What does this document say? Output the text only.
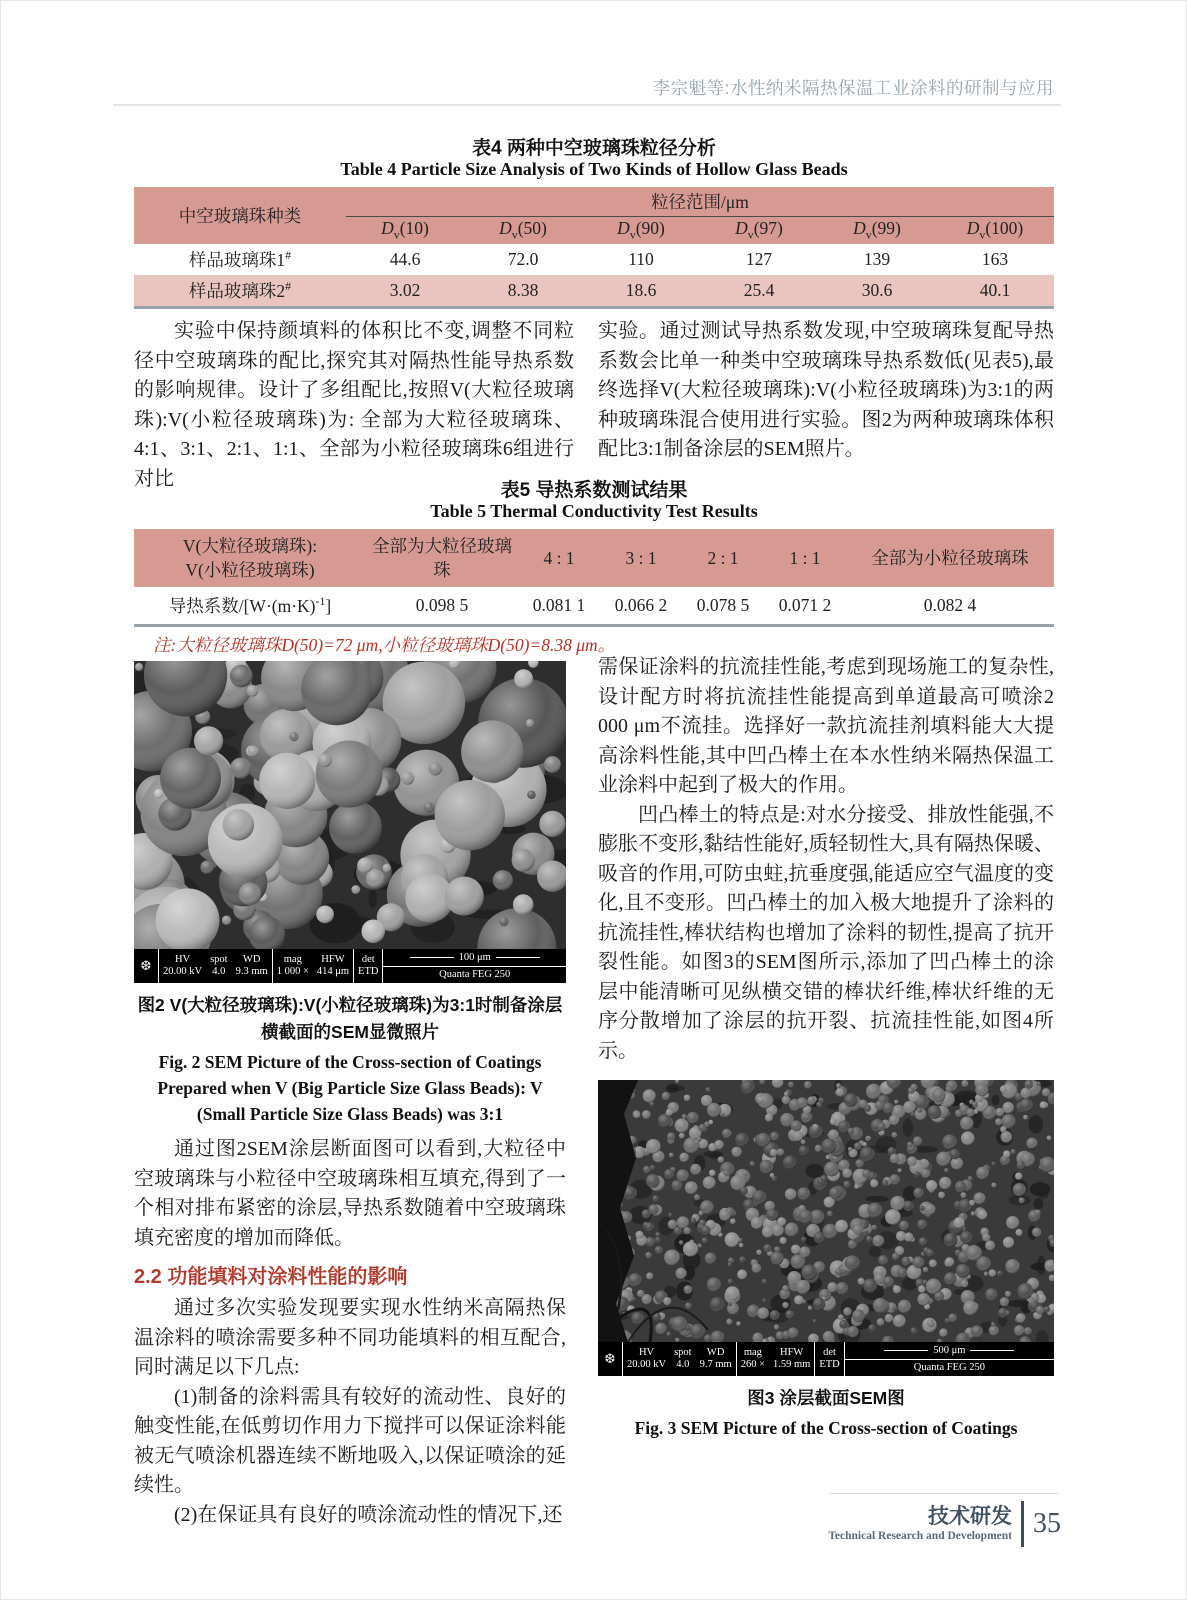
李宗魁等:水性纳米隔热保温工业涂料的研制与应用
表4 两种中空玻璃珠粒径分析
Table 4 Particle Size Analysis of Two Kinds of Hollow Glass Beads
中空玻璃珠种类	粒径范围/μm					
	$D_v(10)$	$D_v(50)$	$D_v(90)$	$D_v(97)$	$D_v(99)$	$D_v(100)$
样品玻璃珠1#	44.6	72.0	110	127	139	163
样品玻璃珠2#	3.02	8.38	18.6	25.4	30.6	40.1

实验中保持颜填料的体积比不变,调整不同粒径中空玻璃珠的配比,探究其对隔热性能导热系数的影响规律。设计了多组配比,按照V(大粒径玻璃珠):V(小粒径玻璃珠)为: 全部为大粒径玻璃珠、4:1、3:1、2:1、1:1、全部为小粒径玻璃珠6组进行对比

实验。通过测试导热系数发现,中空玻璃珠复配导热系数会比单一种类中空玻璃珠导热系数低(见表5),最终选择V(大粒径玻璃珠):V(小粒径玻璃珠)为3:1的两种玻璃珠混合使用进行实验。图2为两种玻璃珠体积配比3:1制备涂层的SEM照片。

表5 导热系数测试结果
Table 5 Thermal Conductivity Test Results
V(大粒径玻璃珠):
V(小粒径玻璃珠)	全部为大粒径玻璃珠	4 : 1	3 : 1	2 : 1	1 : 1	全部为小粒径玻璃珠
导热系数$/[W\cdot(m\cdot K)^{-1}]$	0.098 5	0.081 1	0.066 2	0.078 5	0.071 2	0.082 4
注:大粒径玻璃珠D(50)=72 μm,小粒径玻璃珠D(50)=8.38 μm。
❆	HV
20.00 kV
spot
4.0
WD
9.3 mm
mag
1 000 ×
HFW
414 μm
det
ETD
100 μm
Quanta FEG 250
图2 V(大粒径玻璃珠):V(小粒径玻璃珠)为3:1时制备涂层横截面的SEM显微照片
Fig. 2 SEM Picture of the Cross-section of Coatings Prepared when V (Big Particle Size Glass Beads): V (Small Particle Size Glass Beads) was 3:1

通过图2SEM涂层断面图可以看到,大粒径中空玻璃珠与小粒径中空玻璃珠相互填充,得到了一个相对排布紧密的涂层,导热系数随着中空玻璃珠填充密度的增加而降低。

2.2 功能填料对涂料性能的影响

通过多次实验发现要实现水性纳米高隔热保温涂料的喷涂需要多种不同功能填料的相互配合,同时满足以下几点:

(1)制备的涂料需具有较好的流动性、良好的触变性能,在低剪切作用力下搅拌可以保证涂料能被无气喷涂机器连续不断地吸入,以保证喷涂的延续性。

(2)在保证具有良好的喷涂流动性的情况下,还

需保证涂料的抗流挂性能,考虑到现场施工的复杂性,设计配方时将抗流挂性能提高到单道最高可喷涂2 000 μm不流挂。选择好一款抗流挂剂填料能大大提高涂料性能,其中凹凸棒土在本水性纳米隔热保温工业涂料中起到了极大的作用。

凹凸棒土的特点是:对水分接受、排放性能强,不膨胀不变形,黏结性能好,质轻韧性大,具有隔热保暖、吸音的作用,可防虫蛀,抗垂度强,能适应空气温度的变化,且不变形。凹凸棒土的加入极大地提升了涂料的抗流挂性,棒状结构也增加了涂料的韧性,提高了抗开裂性能。如图3的SEM图所示,添加了凹凸棒土的涂层中能清晰可见纵横交错的棒状纤维,棒状纤维的无序分散增加了涂层的抗开裂、抗流挂性能,如图4所示。

❆	HV
20.00 kV
spot
4.0
WD
9.7 mm
mag
260 ×
HFW
1.59 mm
det
ETD
500 μm
Quanta FEG 250
图3 涂层截面SEM图
Fig. 3 SEM Picture of the Cross-section of Coatings
技术研发
Technical Research and Development 35
